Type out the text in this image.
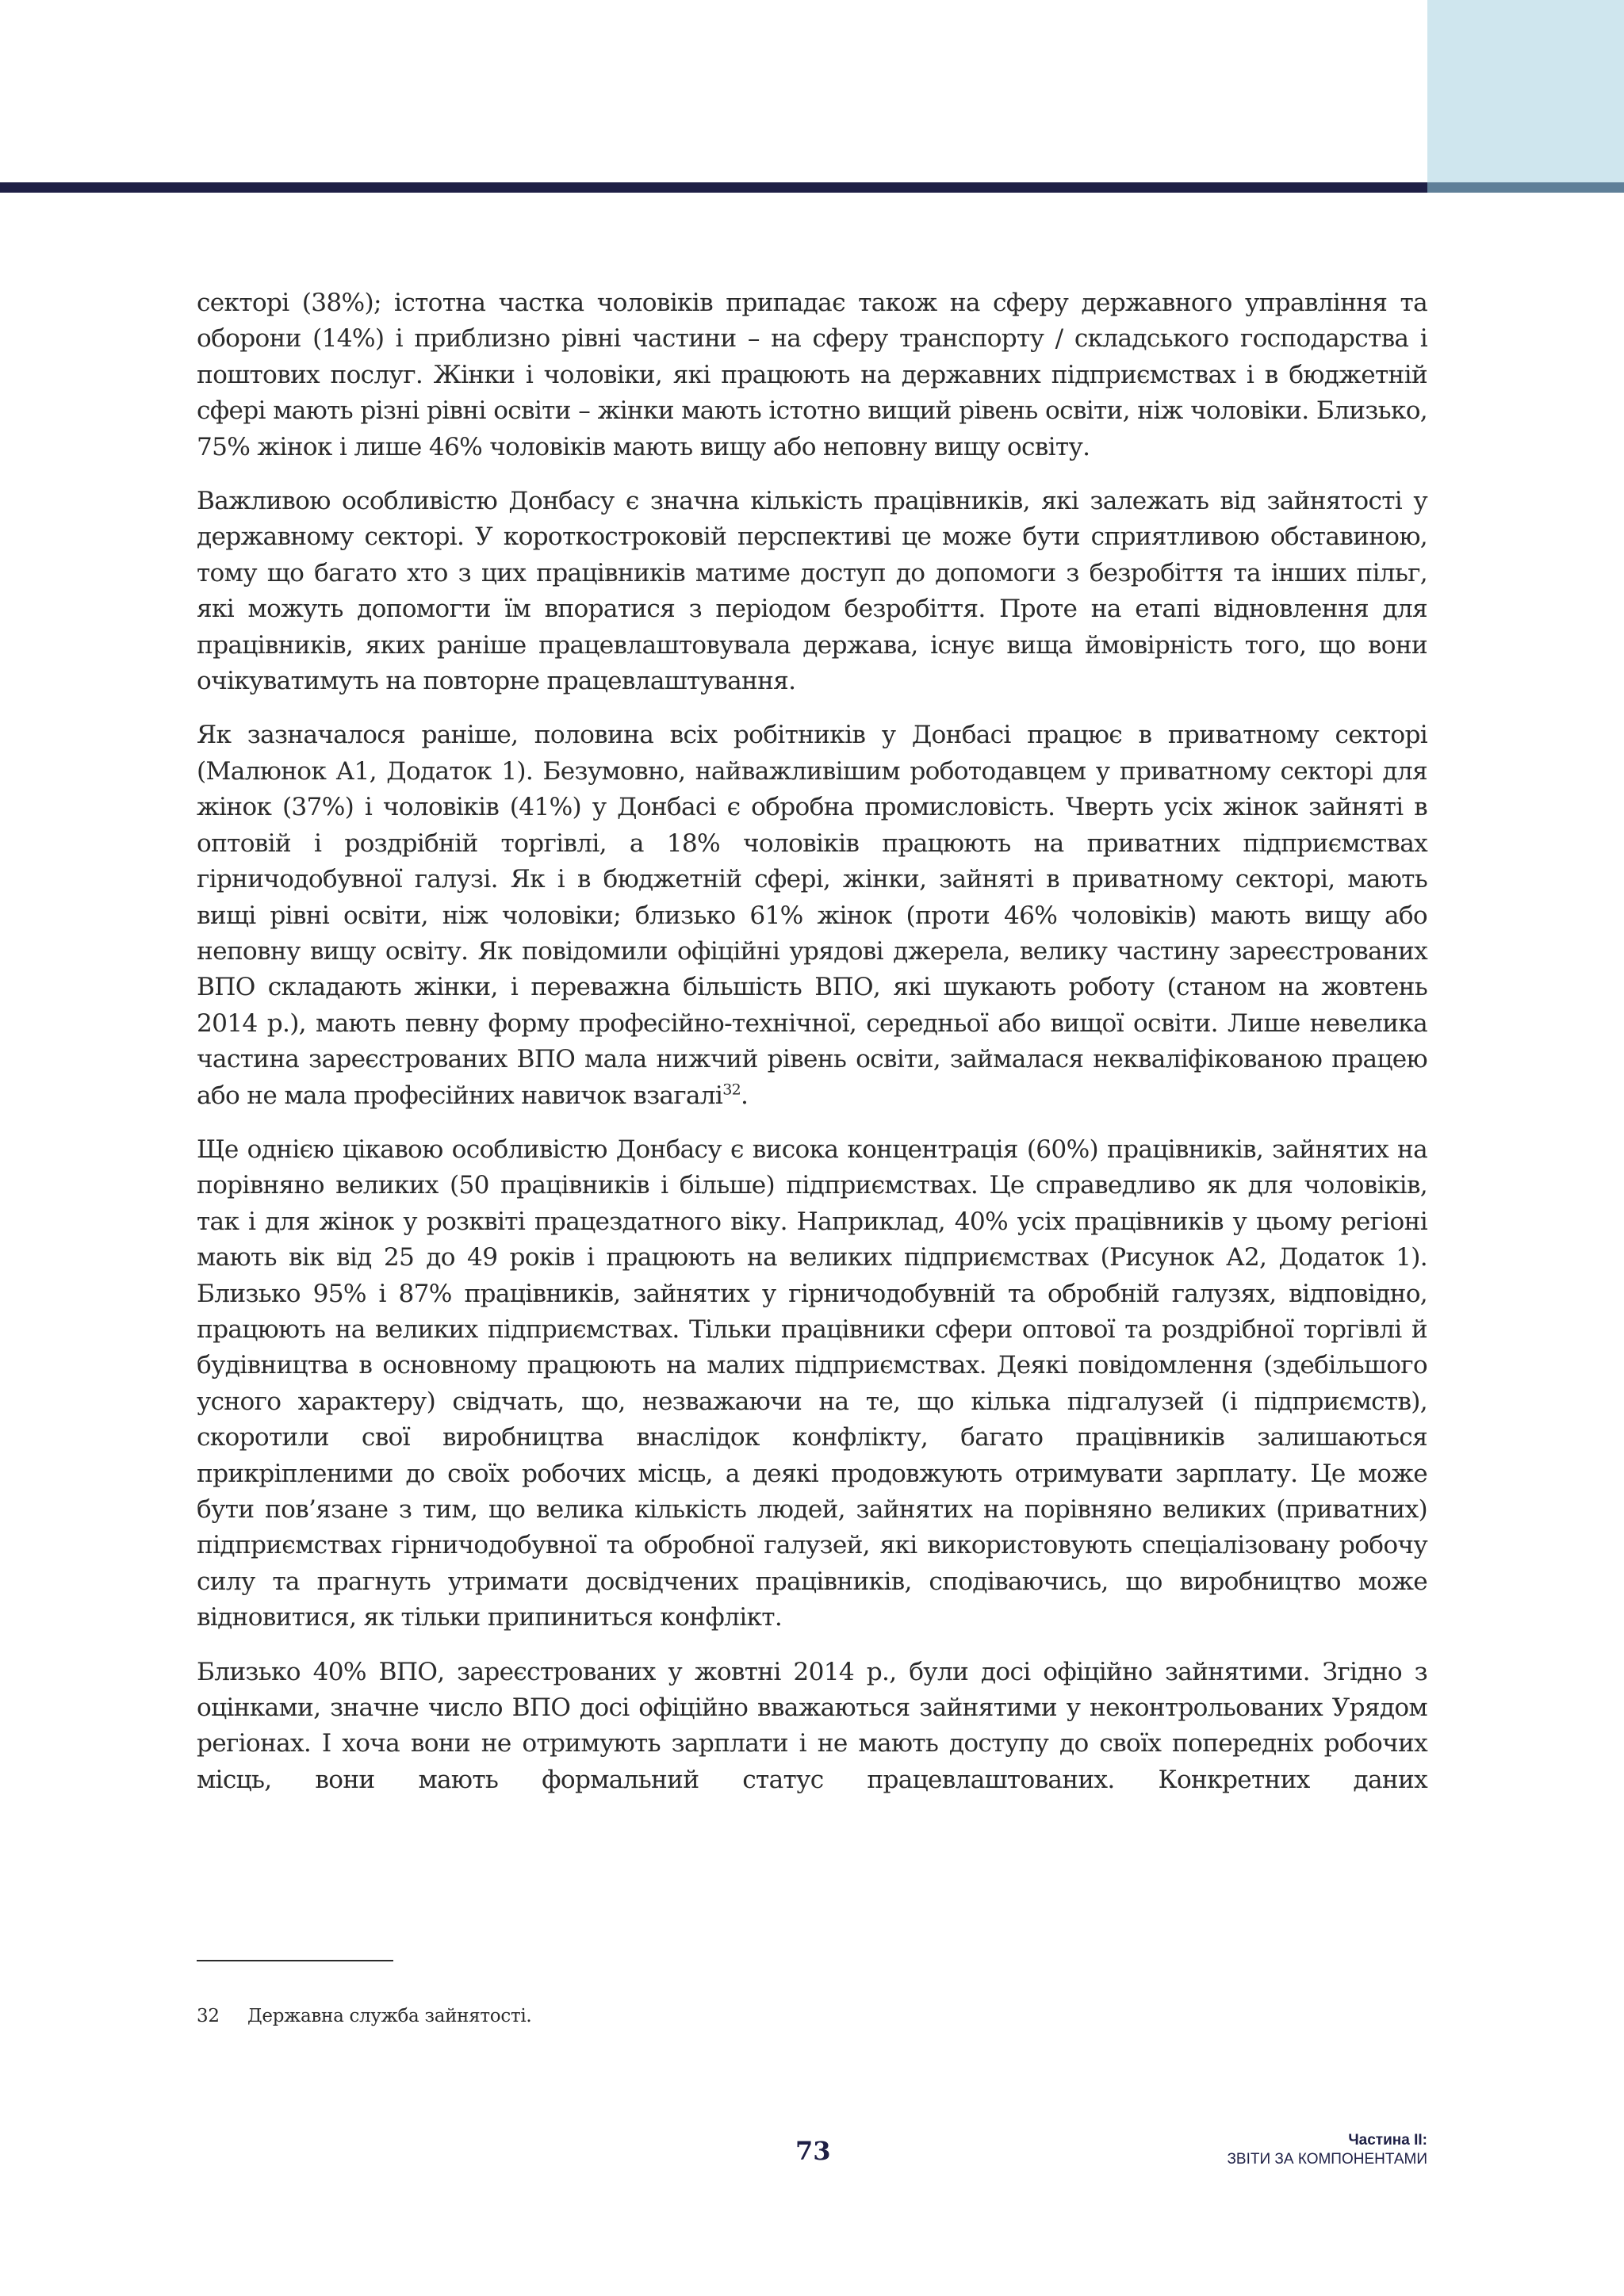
секторі (38%); істотна частка чоловіків припадає також на сферу державного управління та оборони (14%) і приблизно рівні частини – на сферу транспорту / складського господарства і поштових послуг. Жінки і чоловіки, які працюють на державних підприємствах і в бюджетній сфері мають різні рівні освіти – жінки мають істотно вищий рівень освіти, ніж чоловіки. Близько, 75% жінок і лише 46% чоловіків мають вищу або неповну вищу освіту.

Важливою особливістю Донбасу є значна кількість працівників, які залежать від зайнятості у державному секторі. У короткостроковій перспективі це може бути сприятливою обставиною, тому що багато хто з цих працівників матиме доступ до допомоги з безробіття та інших пільг, які можуть допомогти їм впоратися з періодом безробіття. Проте на етапі відновлення для працівників, яких раніше працевлаштовувала держава, існує вища ймовірність того, що вони очікуватимуть на повторне працевлаштування.

Як зазначалося раніше, половина всіх робітників у Донбасі працює в приватному секторі (Малюнок А1, Додаток 1). Безумовно, найважливішим роботодавцем у приватному секторі для жінок (37%) і чоловіків (41%) у Донбасі є обробна промисловість. Чверть усіх жінок зайняті в оптовій і роздрібній торгівлі, а 18% чоловіків працюють на приватних підприємствах гірничодобувної галузі. Як і в бюджетній сфері, жінки, зайняті в приватному секторі, мають вищі рівні освіти, ніж чоловіки; близько 61% жінок (проти 46% чоловіків) мають вищу або неповну вищу освіту. Як повідомили офіційні урядові джерела, велику частину зареєстрованих ВПО складають жінки, і переважна більшість ВПО, які шукають роботу (станом на жовтень 2014 р.), мають певну форму професійно-технічної, середньої або вищої освіти. Лише невелика частина зареєстрованих ВПО мала нижчий рівень освіти, займалася некваліфікованою працею або не мала професійних навичок взагалі$^{32}$.

Ще однією цікавою особливістю Донбасу є висока концентрація (60%) працівників, зайнятих на порівняно великих (50 працівників і більше) підприємствах. Це справедливо як для чоловіків, так і для жінок у розквіті працездатного віку. Наприклад, 40% усіх працівників у цьому регіоні мають вік від 25 до 49 років і працюють на великих підприємствах (Рисунок А2, Додаток 1). Близько 95% і 87% працівників, зайнятих у гірничодобувній та обробній галузях, відповідно, працюють на великих підприємствах. Тільки працівники сфери оптової та роздрібної торгівлі й будівництва в основному працюють на малих підприємствах. Деякі повідомлення (здебільшого усного характеру) свідчать, що, незважаючи на те, що кілька підгалузей (і підприємств), скоротили свої виробництва внаслідок конфлікту, багато працівників залишаються прикріпленими до своїх робочих місць, а деякі продовжують отримувати зарплату. Це може бути пов’язане з тим, що велика кількість людей, зайнятих на порівняно великих (приватних) підприємствах гірничодобувної та обробної галузей, які використовують спеціалізовану робочу силу та прагнуть утримати досвідчених працівників, сподіваючись, що виробництво може відновитися, як тільки припиниться конфлікт.

Близько 40% ВПО, зареєстрованих у жовтні 2014 р., були досі офіційно зайнятими. Згідно з оцінками, значне число ВПО досі офіційно вважаються зайнятими у неконтрольованих Урядом регіонах. І хоча вони не отримують зарплати і не мають доступу до своїх попередніх робочих місць, вони мають формальний статус працевлаштованих. Конкретних даних

32 Державна служба зайнятості.
73	Частина ІІ:
ЗВІТИ ЗА КОМПОНЕНТАМИ
